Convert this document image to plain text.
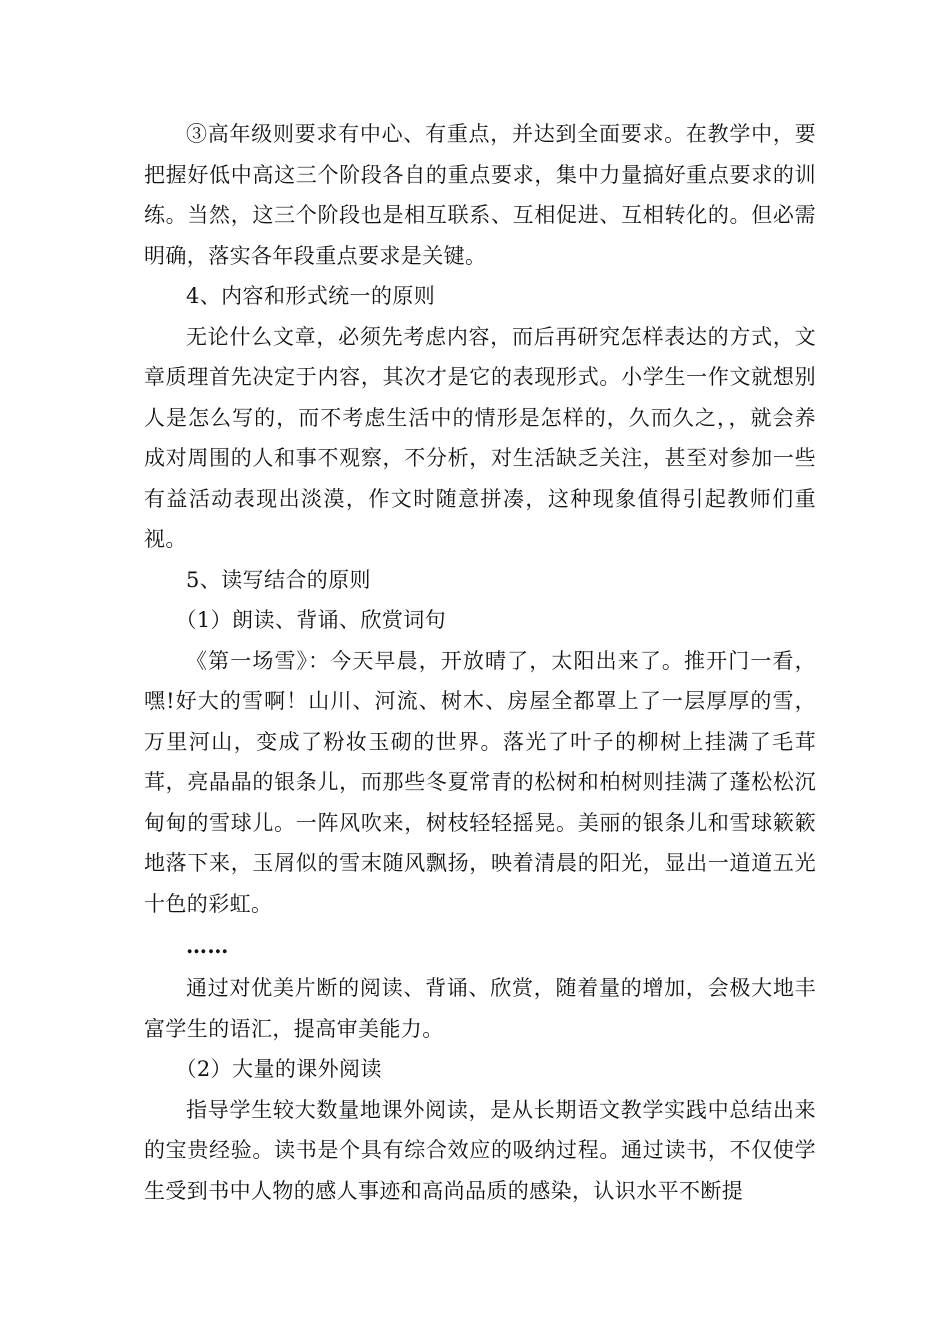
③高年级则要求有中心、有重点，并达到全面要求。在教学中，要把握好低中高这三个阶段各自的重点要求，集中力量搞好重点要求的训练。当然，这三个阶段也是相互联系、互相促进、互相转化的。但必需明确，落实各年段重点要求是关键。

4、内容和形式统一的原则

无论什么文章，必须先考虑内容，而后再研究怎样表达的方式，文章质理首先决定于内容，其次才是它的表现形式。小学生一作文就想别人是怎么写的，而不考虑生活中的情形是怎样的，久而久之，，就会养成对周围的人和事不观察，不分析，对生活缺乏关注，甚至对参加一些有益活动表现出淡漠，作文时随意拼凑，这种现象值得引起教师们重视。

5、读写结合的原则

（1）朗读、背诵、欣赏词句

《第一场雪》：今天早晨，开放晴了，太阳出来了。推开门一看，嘿!好大的雪啊！山川、河流、树木、房屋全都罩上了一层厚厚的雪，万里河山，变成了粉妆玉砌的世界。落光了叶子的柳树上挂满了毛茸茸，亮晶晶的银条儿，而那些冬夏常青的松树和柏树则挂满了蓬松松沉甸甸的雪球儿。一阵风吹来，树枝轻轻摇晃。美丽的银条儿和雪球簌簌地落下来，玉屑似的雪末随风飘扬，映着清晨的阳光，显出一道道五光十色的彩虹。

……

通过对优美片断的阅读、背诵、欣赏，随着量的增加，会极大地丰富学生的语汇，提高审美能力。

（2）大量的课外阅读

指导学生较大数量地课外阅读，是从长期语文教学实践中总结出来的宝贵经验。读书是个具有综合效应的吸纳过程。通过读书，不仅使学生受到书中人物的感人事迹和高尚品质的感染，认识水平不断提
